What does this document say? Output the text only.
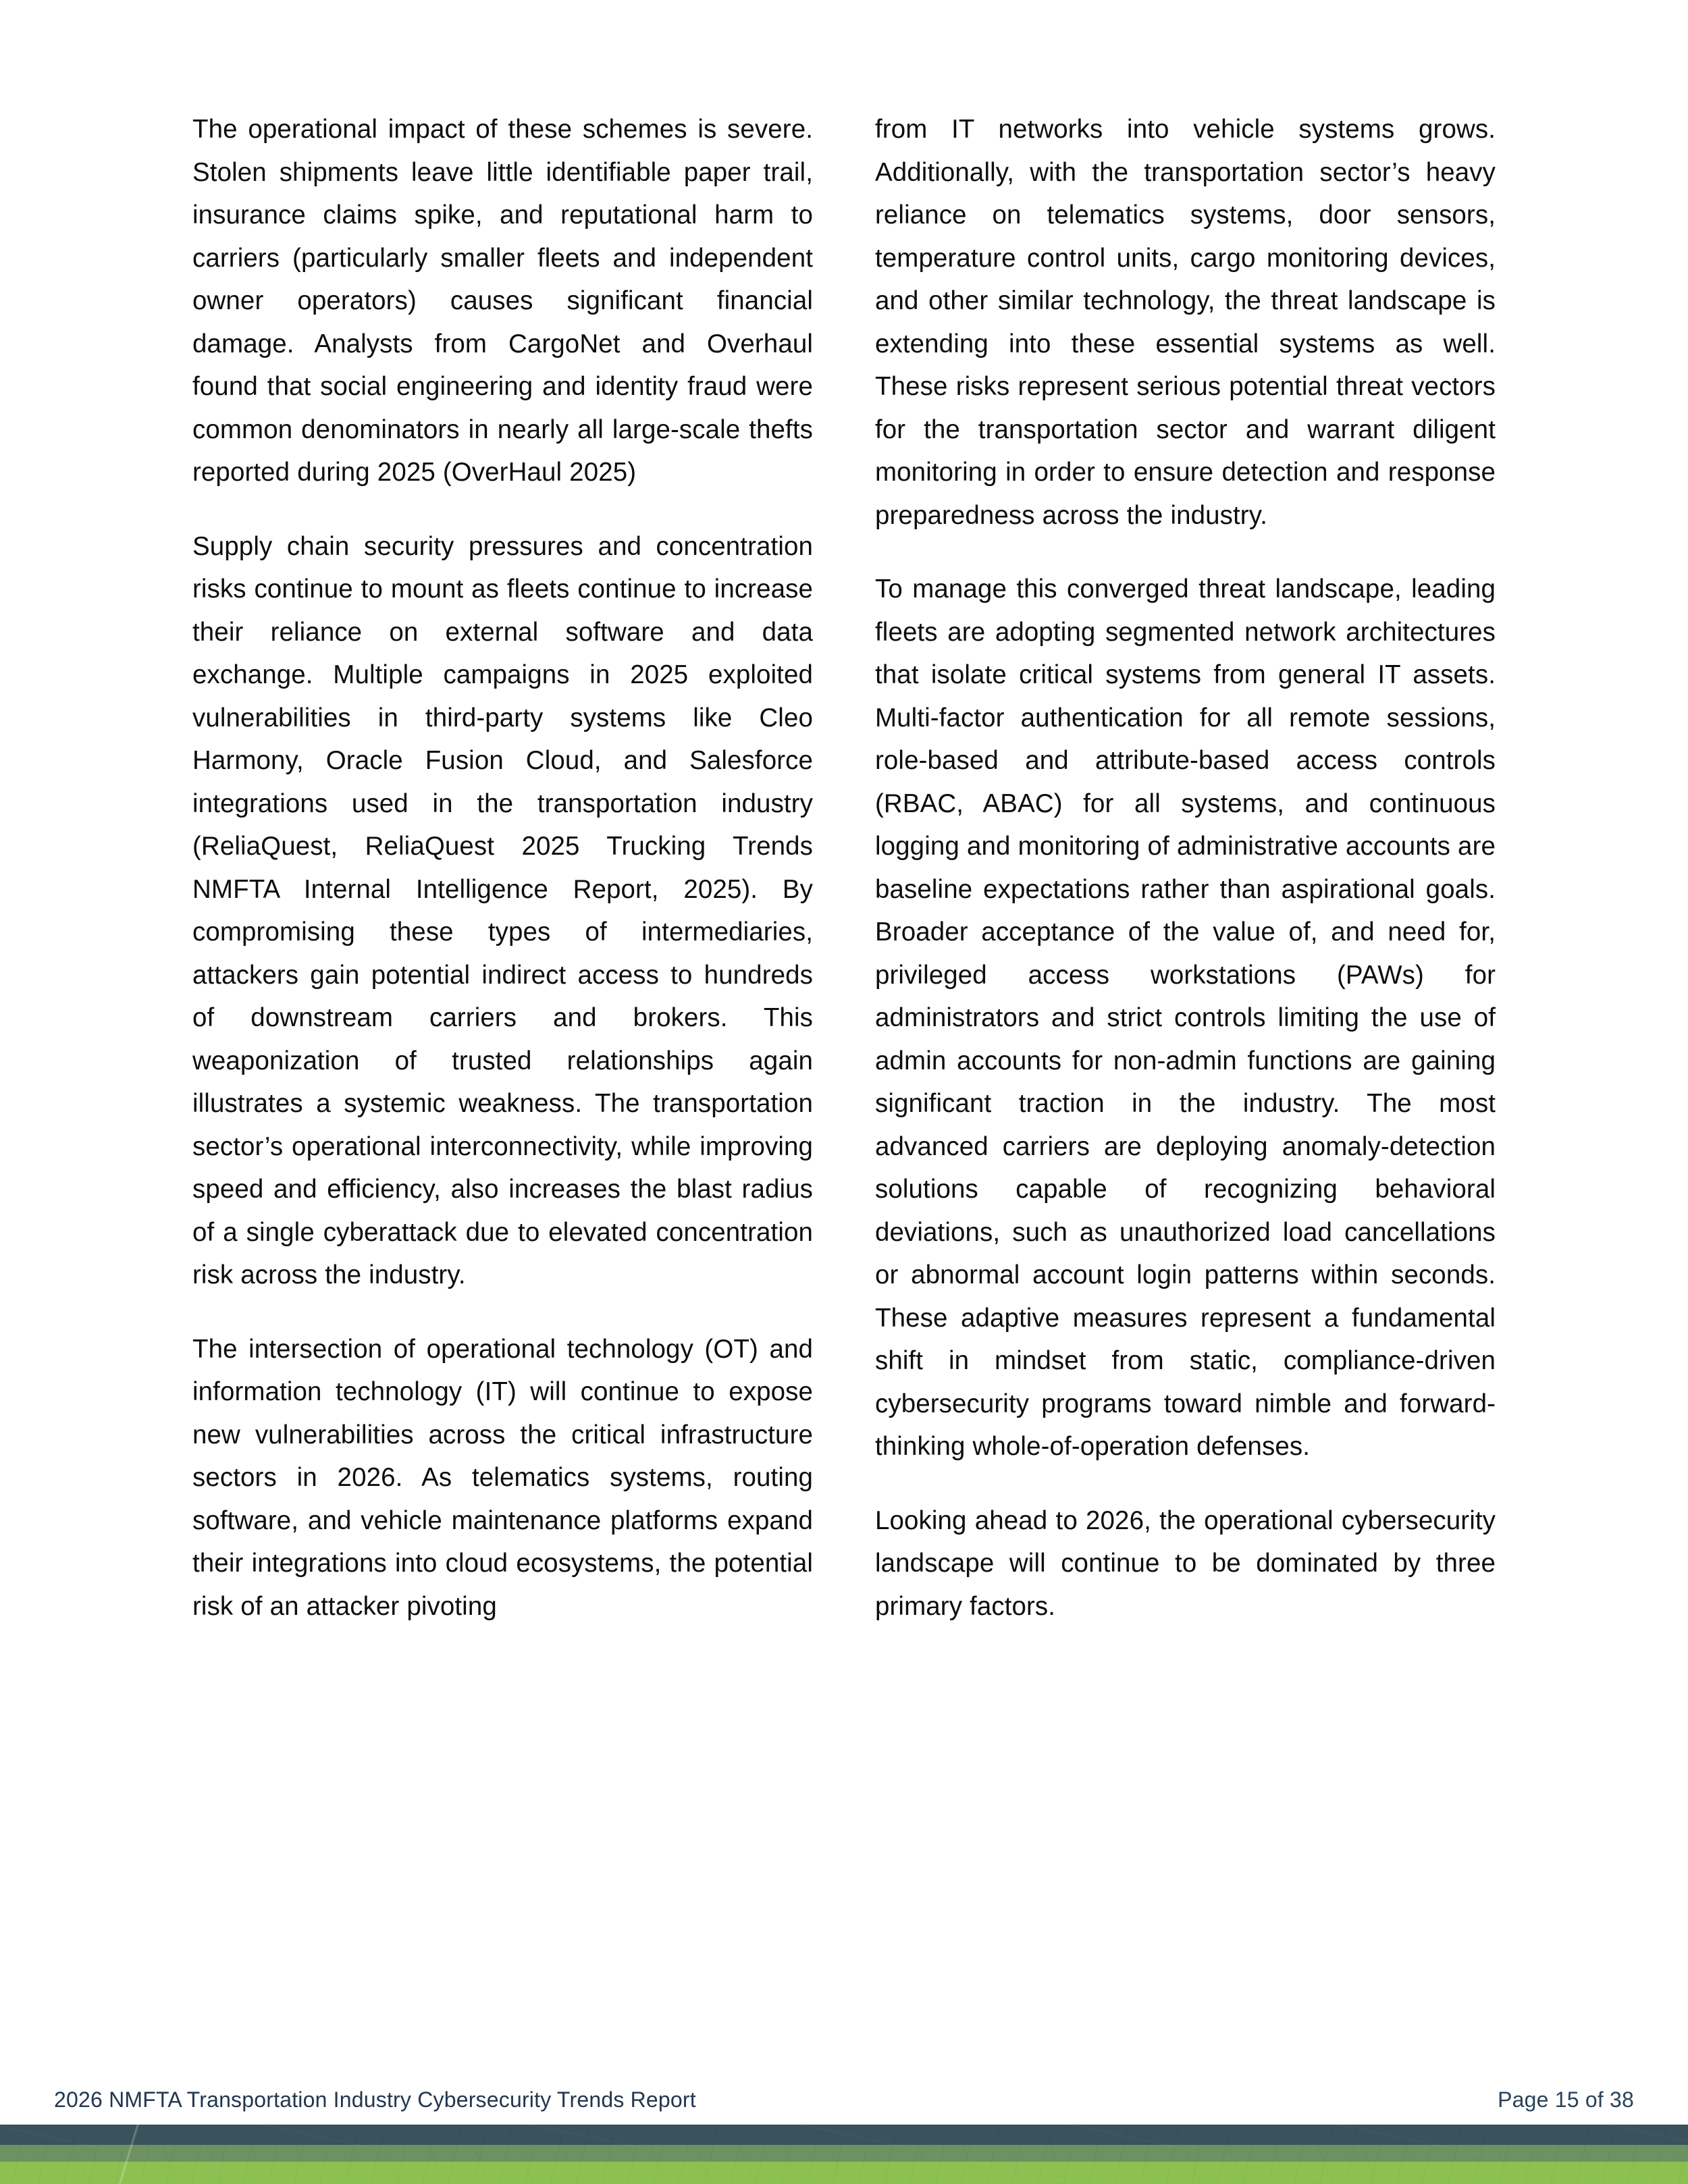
The operational impact of these schemes is severe. Stolen shipments leave little identifiable paper trail, insurance claims spike, and reputational harm to carriers (particularly smaller fleets and independent owner operators) causes significant financial damage. Analysts from CargoNet and Overhaul found that social engineering and identity fraud were common denominators in nearly all large-scale thefts reported during 2025 (OverHaul 2025)

Supply chain security pressures and concentration risks continue to mount as fleets continue to increase their reliance on external software and data exchange. Multiple campaigns in 2025 exploited vulnerabilities in third-party systems like Cleo Harmony, Oracle Fusion Cloud, and Salesforce integrations used in the transportation industry (ReliaQuest, ReliaQuest 2025 Trucking Trends NMFTA Internal Intelligence Report, 2025). By compromising these types of intermediaries, attackers gain potential indirect access to hundreds of downstream carriers and brokers. This weaponization of trusted relationships again illustrates a systemic weakness. The transportation sector’s operational interconnectivity, while improving speed and efficiency, also increases the blast radius of a single cyberattack due to elevated concentration risk across the industry.

The intersection of operational technology (OT) and information technology (IT) will continue to expose new vulnerabilities across the critical infrastructure sectors in 2026. As telematics systems, routing software, and vehicle maintenance platforms expand their integrations into cloud ecosystems, the potential risk of an attacker pivoting

from IT networks into vehicle systems grows. Additionally, with the transportation sector’s heavy reliance on telematics systems, door sensors, temperature control units, cargo monitoring devices, and other similar technology, the threat landscape is extending into these essential systems as well. These risks represent serious potential threat vectors for the transportation sector and warrant diligent monitoring in order to ensure detection and response preparedness across the industry.

To manage this converged threat landscape, leading fleets are adopting segmented network architectures that isolate critical systems from general IT assets. Multi-factor authentication for all remote sessions, role-based and attribute-based access controls (RBAC, ABAC) for all systems, and continuous logging and monitoring of administrative accounts are baseline expectations rather than aspirational goals. Broader acceptance of the value of, and need for, privileged access workstations (PAWs) for administrators and strict controls limiting the use of admin accounts for non-admin functions are gaining significant traction in the industry. The most advanced carriers are deploying anomaly-detection solutions capable of recognizing behavioral deviations, such as unauthorized load cancellations or abnormal account login patterns within seconds. These adaptive measures represent a fundamental shift in mindset from static, compliance-driven cybersecurity programs toward nimble and forward-thinking whole-of-operation defenses.

Looking ahead to 2026, the operational cybersecurity landscape will continue to be dominated by three primary factors.

2026 NMFTA Transportation Industry Cybersecurity Trends Report	Page 15 of 38
